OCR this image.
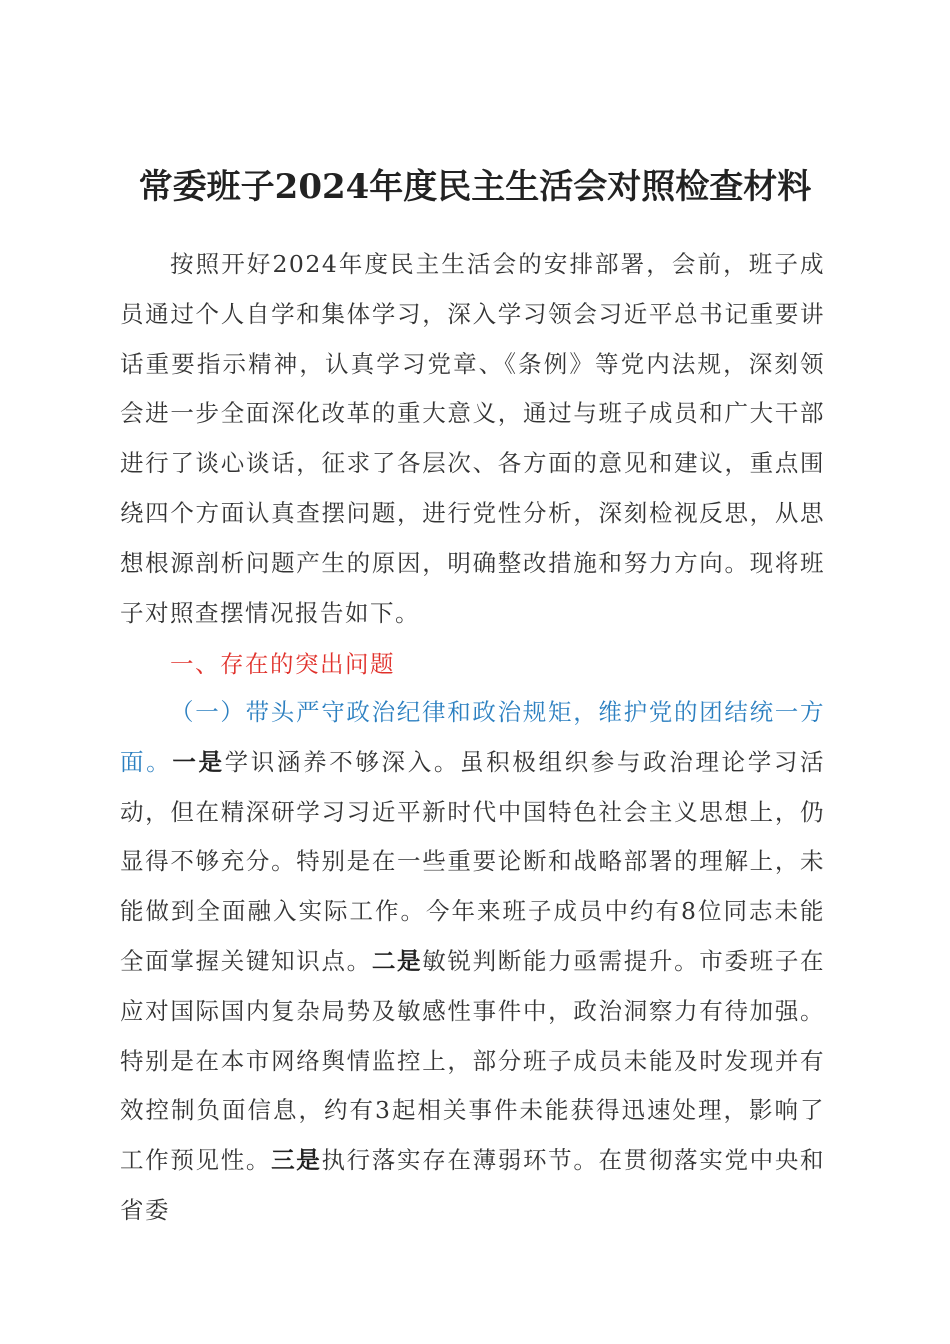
常委班子2024年度民主生活会对照检查材料
按照开好2024年度民主生活会的安排部署，会前，班子成员通过个人自学和集体学习，深入学习领会习近平总书记重要讲话重要指示精神，认真学习党章、《条例》等党内法规，深刻领会进一步全面深化改革的重大意义，通过与班子成员和广大干部进行了谈心谈话，征求了各层次、各方面的意见和建议，重点围绕四个方面认真查摆问题，进行党性分析，深刻检视反思，从思想根源剖析问题产生的原因，明确整改措施和努力方向。现将班子对照查摆情况报告如下。
一、存在的突出问题
（一）带头严守政治纪律和政治规矩，维护党的团结统一方面。一是学识涵养不够深入。虽积极组织参与政治理论学习活动，但在精深研学习习近平新时代中国特色社会主义思想上，仍显得不够充分。特别是在一些重要论断和战略部署的理解上，未能做到全面融入实际工作。今年来班子成员中约有8位同志未能全面掌握关键知识点。二是敏锐判断能力亟需提升。市委班子在应对国际国内复杂局势及敏感性事件中，政治洞察力有待加强。特别是在本市网络舆情监控上，部分班子成员未能及时发现并有效控制负面信息，约有3起相关事件未能获得迅速处理，影响了工作预见性。三是执行落实存在薄弱环节。在贯彻落实党中央和省委
